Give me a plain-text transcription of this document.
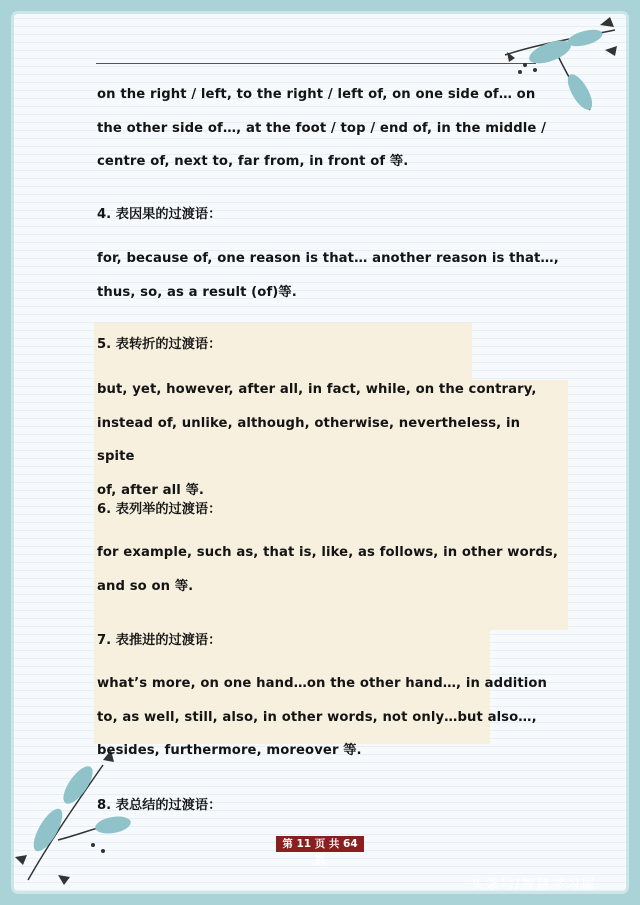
on the right / left, to the right / left of, on one side of… on
the other side of…, at the foot / top / end of, in the middle /
centre of, next to, far from, in front of 等.
4. 表因果的过渡语：
for, because of, one reason is that… another reason is that…,
thus, so, as a result (of)等.
5. 表转折的过渡语：
but, yet, however, after all, in fact, while, on the contrary,
instead of, unlike, although, otherwise, nevertheless, in spite
of, after all 等.
6. 表列举的过渡语：
for example, such as, that is, like, as follows, in other words,
and so on 等.
7. 表推进的过渡语：
what’s more, on one hand…on the other hand…, in addition
to, as well, still, also, in other words, not only…but also…,
besides, furthermore, moreover 等.
8. 表总结的过渡语：
第 11 页 共 64 页
头条号/智慧学习屋
